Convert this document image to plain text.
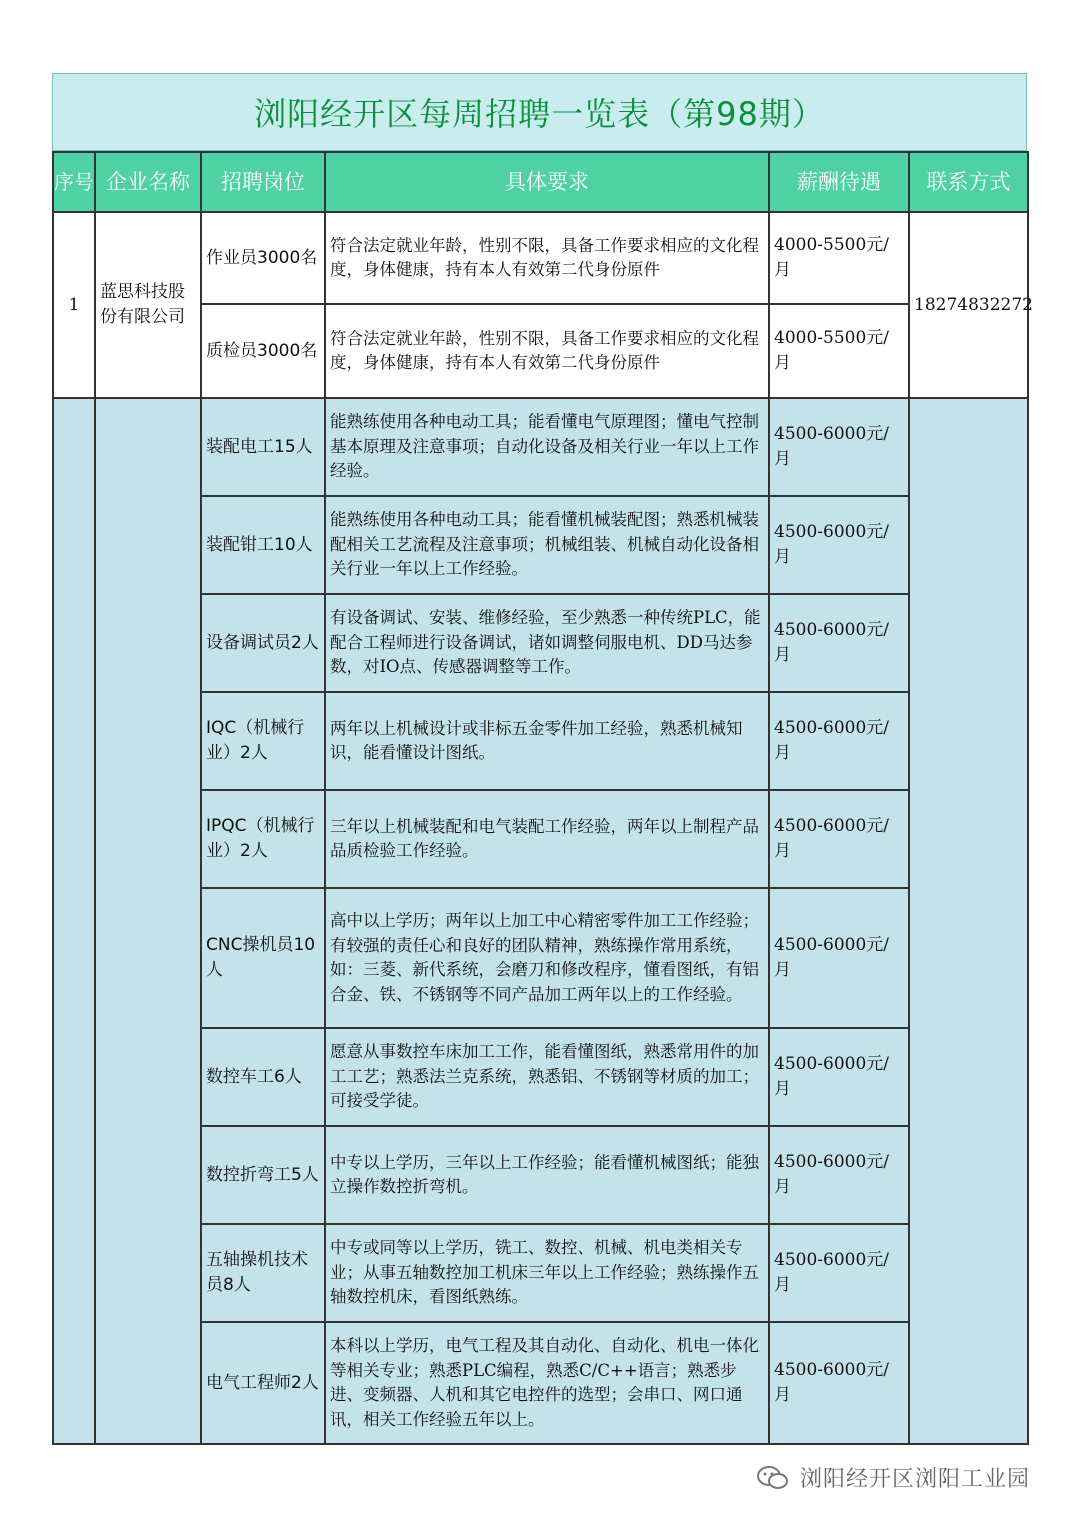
浏阳经开区每周招聘一览表（第98期）
序号	企业名称	招聘岗位	具体要求	薪酬待遇	联系方式
1	蓝思科技股份有限公司	作业员3000名	符合法定就业年龄，性别不限，具备工作要求相应的文化程度，身体健康，持有本人有效第二代身份原件	4000-5500元/月	18274832272
		质检员3000名	符合法定就业年龄，性别不限，具备工作要求相应的文化程度，身体健康，持有本人有效第二代身份原件	4000-5500元/月	
		装配电工15人	能熟练使用各种电动工具；能看懂电气原理图；懂电气控制基本原理及注意事项；自动化设备及相关行业一年以上工作经验。	4500-6000元/月	
		装配钳工10人	能熟练使用各种电动工具；能看懂机械装配图；熟悉机械装配相关工艺流程及注意事项；机械组装、机械自动化设备相关行业一年以上工作经验。	4500-6000元/月	
		设备调试员2人	有设备调试、安装、维修经验，至少熟悉一种传统PLC，能配合工程师进行设备调试，诸如调整伺服电机、DD马达参数，对IO点、传感器调整等工作。	4500-6000元/月	
		IQC（机械行业）2人	两年以上机械设计或非标五金零件加工经验，熟悉机械知识，能看懂设计图纸。	4500-6000元/月	
		IPQC（机械行业）2人	三年以上机械装配和电气装配工作经验，两年以上制程产品品质检验工作经验。	4500-6000元/月	
		CNC操机员10人	高中以上学历；两年以上加工中心精密零件加工工作经验；有较强的责任心和良好的团队精神，熟练操作常用系统，如：三菱、新代系统，会磨刀和修改程序，懂看图纸，有铝合金、铁、不锈钢等不同产品加工两年以上的工作经验。	4500-6000元/月	
		数控车工6人	愿意从事数控车床加工工作，能看懂图纸，熟悉常用件的加工工艺；熟悉法兰克系统，熟悉铝、不锈钢等材质的加工；可接受学徒。	4500-6000元/月	
		数控折弯工5人	中专以上学历，三年以上工作经验；能看懂机械图纸；能独立操作数控折弯机。	4500-6000元/月	
		五轴操机技术员8人	中专或同等以上学历，铣工、数控、机械、机电类相关专业；从事五轴数控加工机床三年以上工作经验；熟练操作五轴数控机床，看图纸熟练。	4500-6000元/月	
		电气工程师2人	本科以上学历，电气工程及其自动化、自动化、机电一体化等相关专业；熟悉PLC编程，熟悉C/C++语言；熟悉步进、变频器、人机和其它电控件的选型；会串口、网口通讯，相关工作经验五年以上。	4500-6000元/月	
浏阳经开区浏阳工业园
